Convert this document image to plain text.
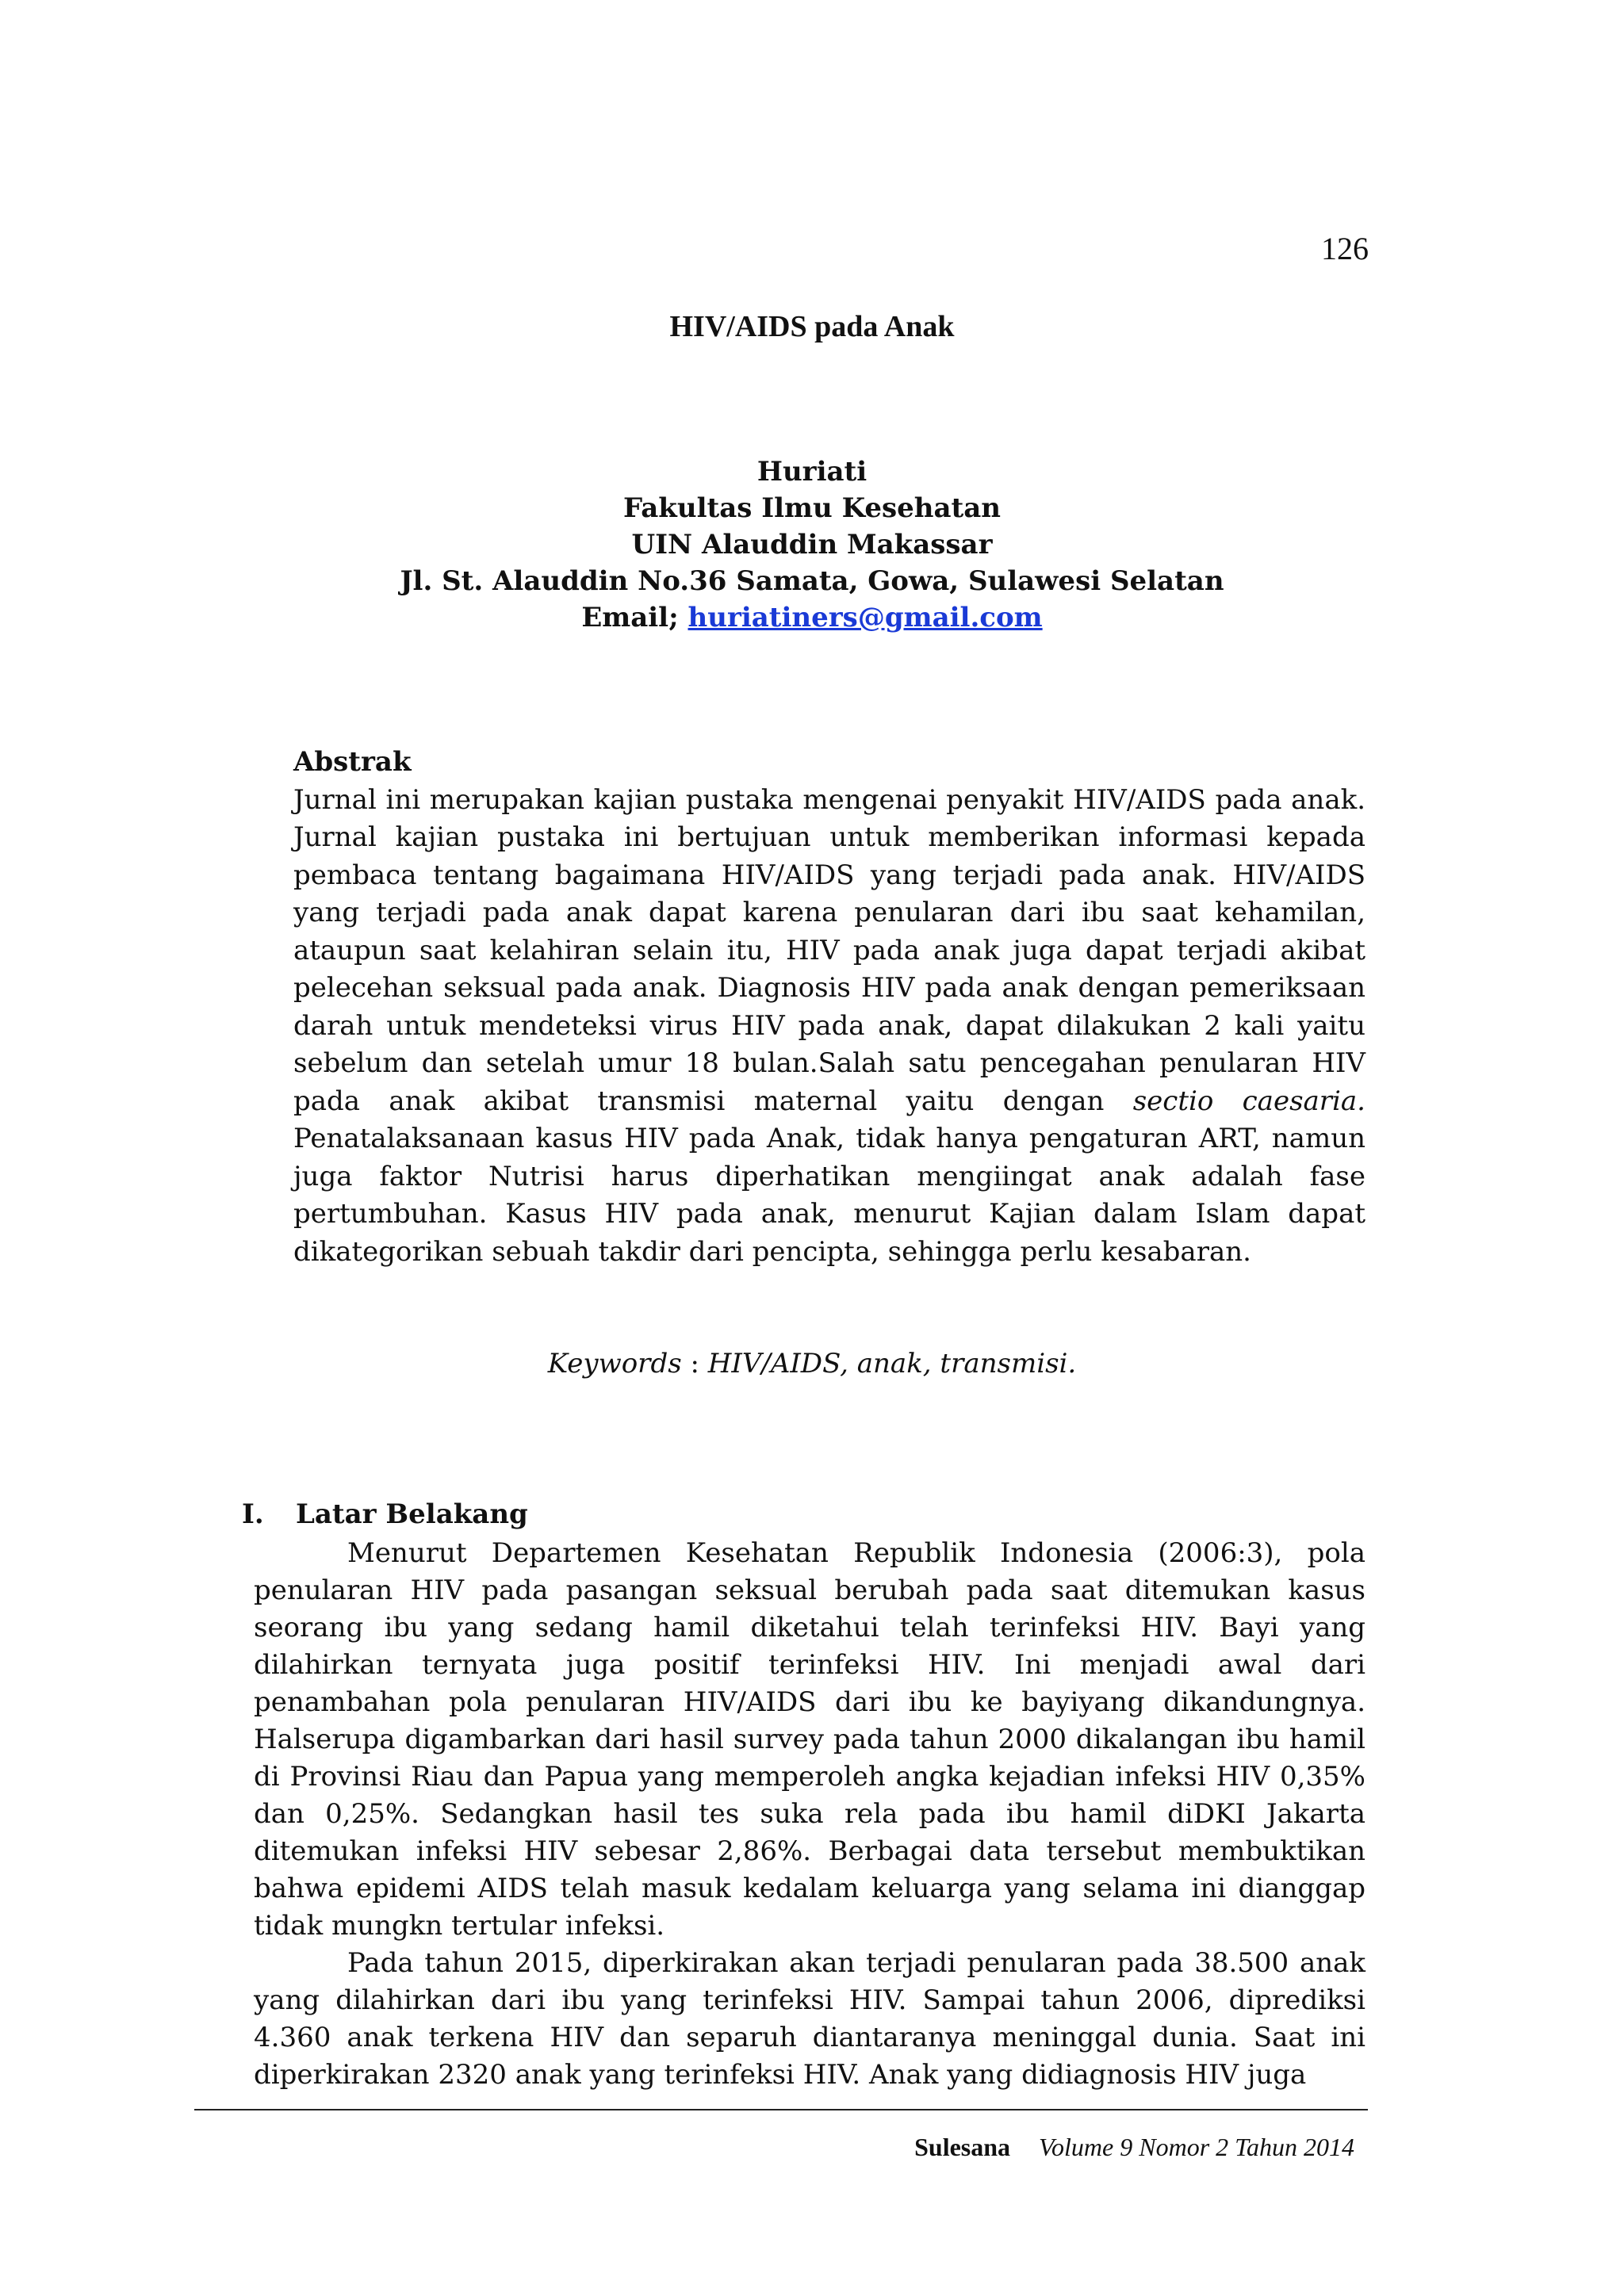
126
HIV/AIDS pada Anak
Huriati
Fakultas Ilmu Kesehatan
UIN Alauddin Makassar
Jl. St. Alauddin No.36 Samata, Gowa, Sulawesi Selatan
Email; huriatiners@gmail.com
Abstrak

Jurnal ini merupakan kajian pustaka mengenai penyakit HIV/AIDS pada anak. Jurnal kajian pustaka ini bertujuan untuk memberikan informasi kepada pembaca tentang bagaimana HIV/AIDS yang terjadi pada anak. HIV/AIDS yang terjadi pada anak dapat karena penularan dari ibu saat kehamilan, ataupun saat kelahiran selain itu, HIV pada anak juga dapat terjadi akibat pelecehan seksual pada anak. Diagnosis HIV pada anak dengan pemeriksaan darah untuk mendeteksi virus HIV pada anak, dapat dilakukan 2 kali yaitu sebelum dan setelah umur 18 bulan.Salah satu pencegahan penularan HIV pada anak akibat transmisi maternal yaitu dengan sectio caesaria. Penatalaksanaan kasus HIV pada Anak, tidak hanya pengaturan ART, namun juga faktor Nutrisi harus diperhatikan mengiingat anak adalah fase pertumbuhan. Kasus HIV pada anak, menurut Kajian dalam Islam dapat dikategorikan sebuah takdir dari pencipta, sehingga perlu kesabaran.

Keywords : HIV/AIDS, anak, transmisi.
I. Latar Belakang

Menurut Departemen Kesehatan Republik Indonesia (2006:3), pola penularan HIV pada pasangan seksual berubah pada saat ditemukan kasus seorang ibu yang sedang hamil diketahui telah terinfeksi HIV. Bayi yang dilahirkan ternyata juga positif terinfeksi HIV. Ini menjadi awal dari penambahan pola penularan HIV/AIDS dari ibu ke bayiyang dikandungnya. Halserupa digambarkan dari hasil survey pada tahun 2000 dikalangan ibu hamil di Provinsi Riau dan Papua yang memperoleh angka kejadian infeksi HIV 0,35% dan 0,25%. Sedangkan hasil tes suka rela pada ibu hamil diDKI Jakarta ditemukan infeksi HIV sebesar 2,86%. Berbagai data tersebut membuktikan bahwa epidemi AIDS telah masuk kedalam keluarga yang selama ini dianggap tidak mungkn tertular infeksi.

Pada tahun 2015, diperkirakan akan terjadi penularan pada 38.500 anak yang dilahirkan dari ibu yang terinfeksi HIV. Sampai tahun 2006, diprediksi 4.360 anak terkena HIV dan separuh diantaranya meninggal dunia. Saat ini diperkirakan 2320 anak yang terinfeksi HIV. Anak yang didiagnosis HIV juga

Sulesana Volume 9 Nomor 2 Tahun 2014
